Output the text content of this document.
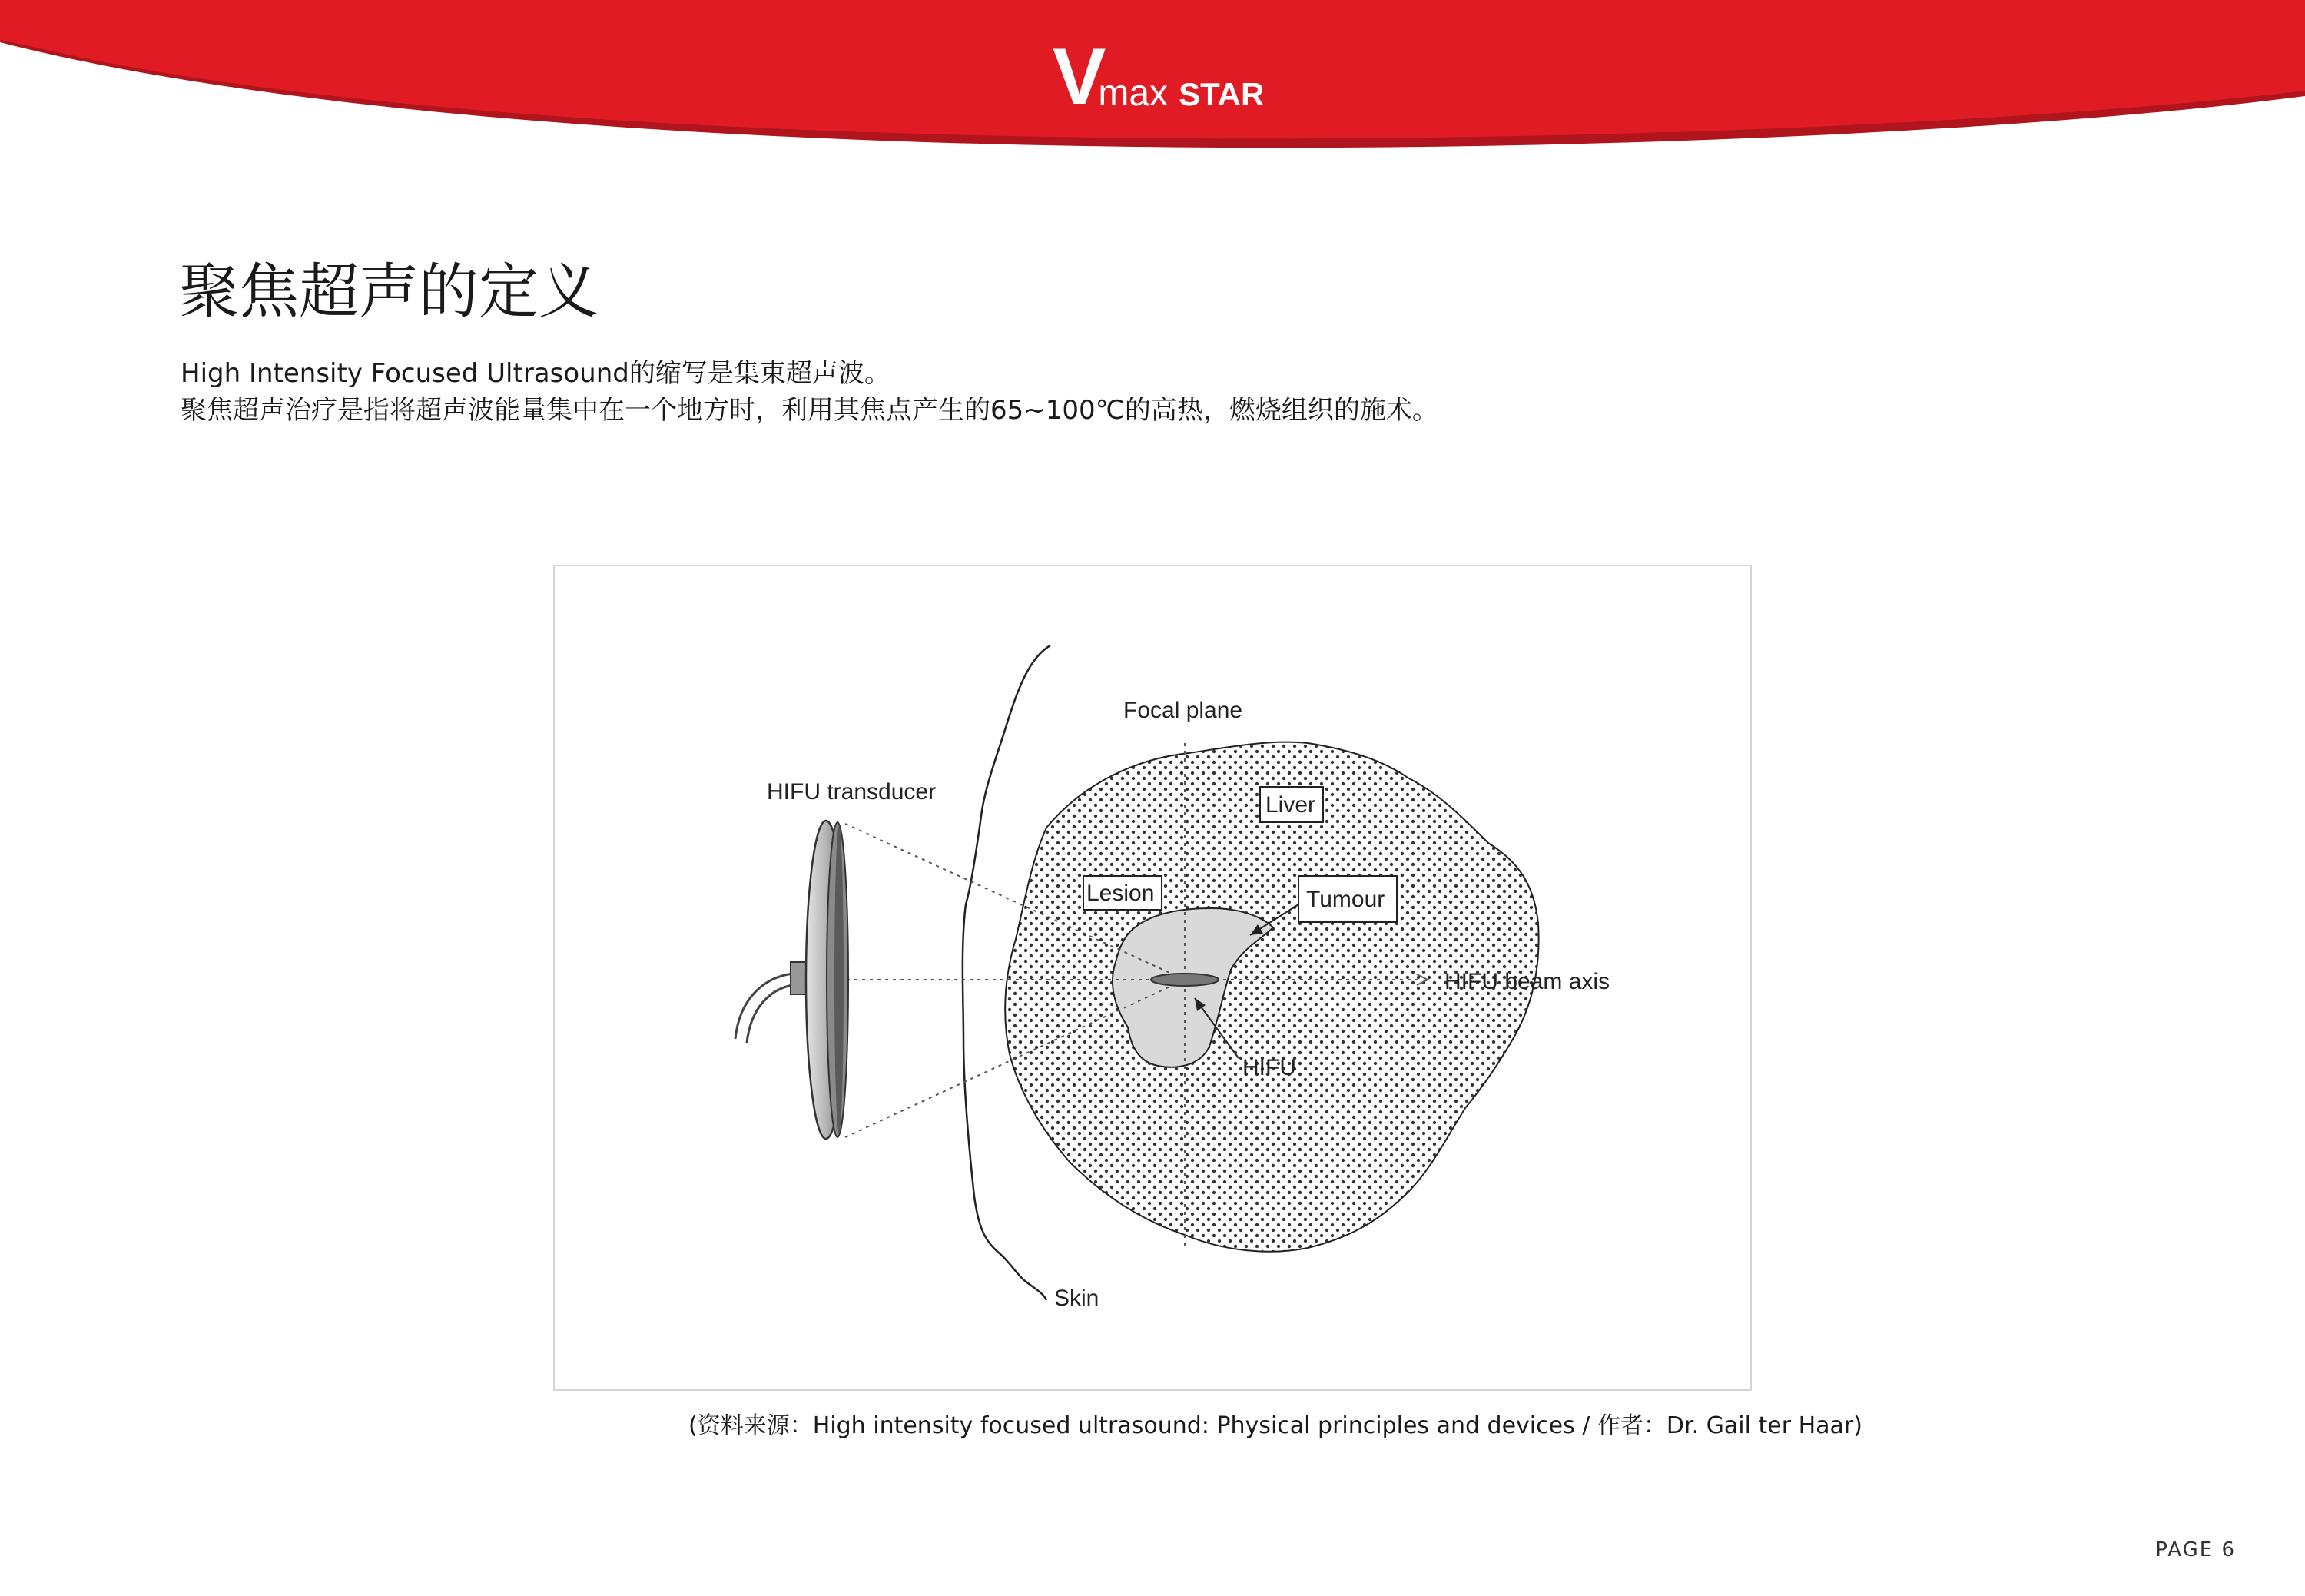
V
max STAR
聚焦超声的定义
High Intensity Focused Ultrasound的缩写是集束超声波。
聚焦超声治疗是指将超声波能量集中在一个地方时，利用其焦点产生的65~100℃的高热，燃烧组织的施术。
Focal plane
HIFU transducer
Liver
Lesion	Tumour
HIFU beam axis
HIFU
Skin
(资料来源：High intensity focused ultrasound: Physical principles and devices / 作者：Dr. Gail ter Haar)
PAGE 6
